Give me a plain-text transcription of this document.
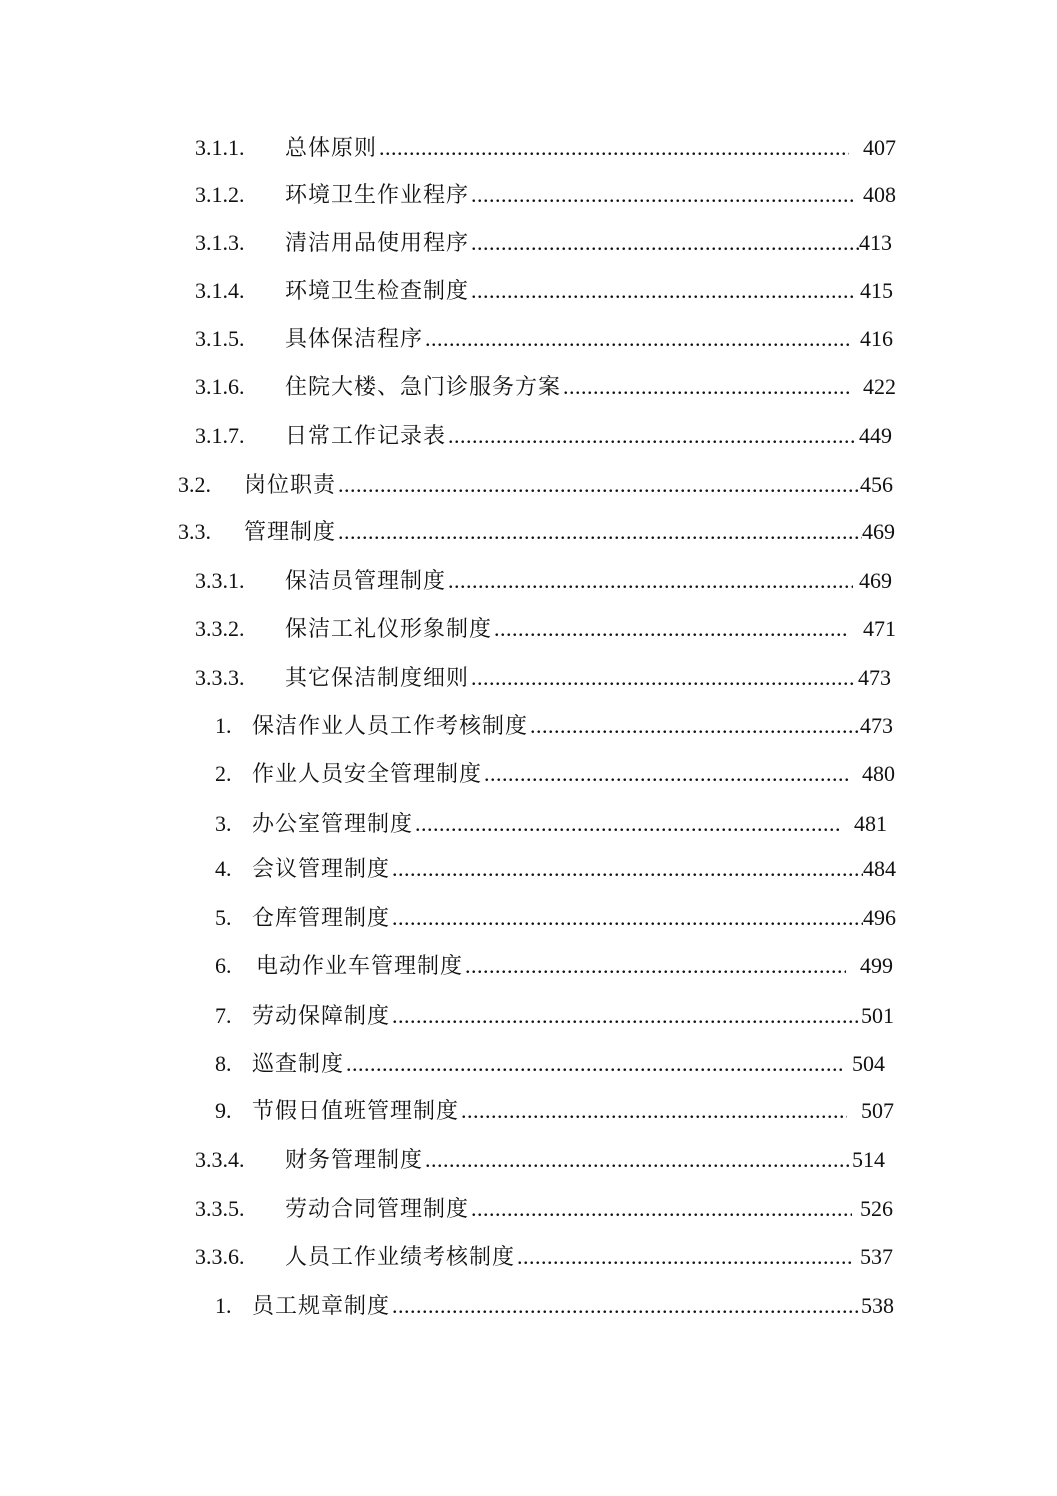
3.1.1.	总体原则 .....	407
3.1.2.	环境卫生作业程序 .....	408
3.1.3.	清洁用品使用程序 .....	413
3.1.4.	环境卫生检查制度 .....	415
3.1.5.	具体保洁程序 .....	416
3.1.6.	住院大楼、急门诊服务方案 .....	422
3.1.7.	日常工作记录表 .....	449
3.2.	岗位职责 .....	456
3.3.	管理制度 .....	469
3.3.1.	保洁员管理制度 .....	469
3.3.2.	保洁工礼仪形象制度 .....	471
3.3.3.	其它保洁制度细则 .....	473
1. 保洁作业人员工作考核制度 .....	473
2. 作业人员安全管理制度 .....	480
3. 办公室管理制度 .....	481
4. 会议管理制度 .....	484
5. 仓库管理制度 .....	496
6.	电动作业车管理制度 .....	499
7. 劳动保障制度 .....	501
8. 巡查制度 .....	504
9. 节假日值班管理制度 .....	507
3.3.4.	财务管理制度 .....	514
3.3.5.	劳动合同管理制度 .....	526
3.3.6.	人员工作业绩考核制度 .....	537
1. 员工规章制度 .....	538
